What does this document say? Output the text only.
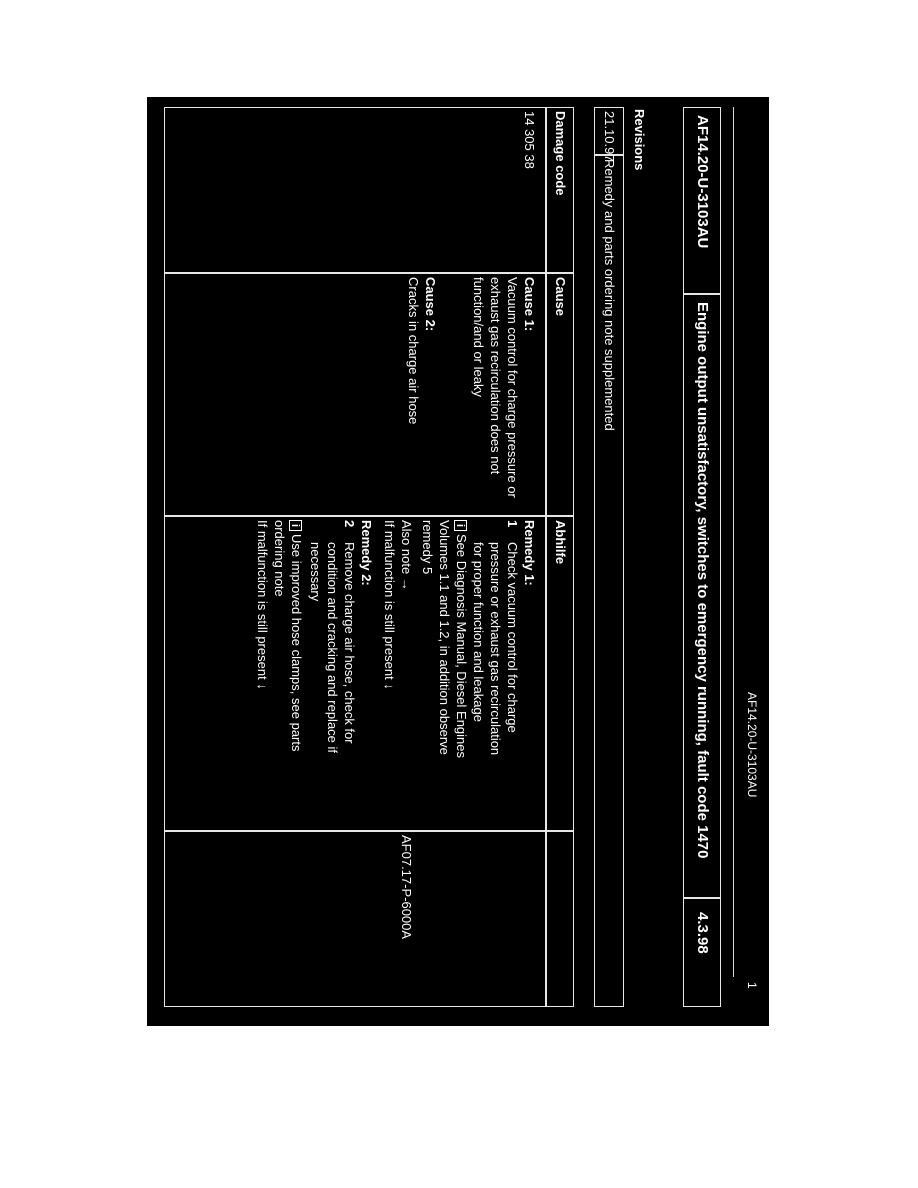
AF14.20-U-3103AU
1
AF14.20-U-3103AU
Engine output unsatisfactory, switches to emergency running, fault code 1470
4.3.98
Revisions
21.10.97
Remedy and parts ordering note supplemented
Damage code
Cause
Abhilfe
14 305 38
Cause 1:
Vacuum control for charge pressure or
exhaust gas recirculation does not
function/and or leaky
Cause 2:
Cracks in charge air hose
Remedy 1:
1
Check vacuum control for charge
pressure or exhaust gas recirculation
for proper function and leakage
iSee Diagnosis Manual, Diesel Engines
Volumes 1.1 and 1.2, in addition observe
remedy 5
Also note →
AF07.17-P-6000A
If malfunction is still present ↓
Remedy 2:
2
Remove charge air hose, check for
condition and cracking and replace if
necessary
iUse improved hose clamps, see parts
ordering note
If malfunction is still present ↓
